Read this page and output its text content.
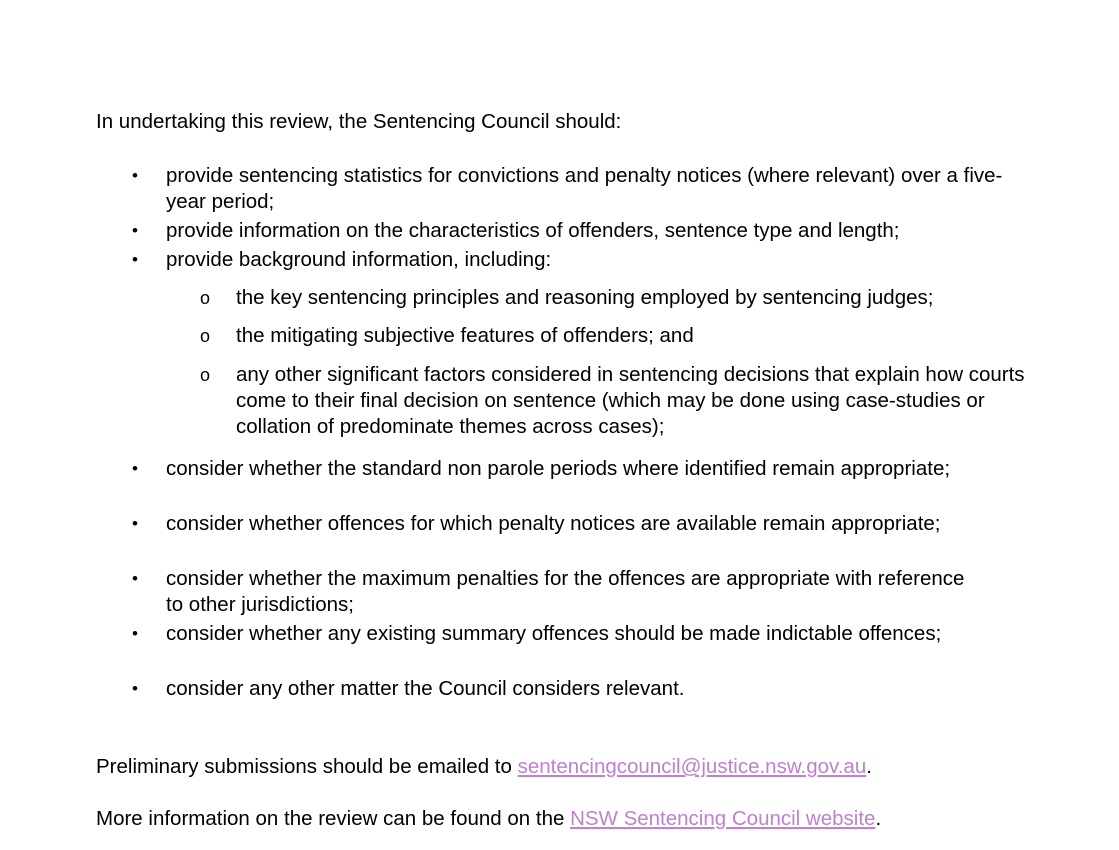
In undertaking this review, the Sentencing Council should:

• provide sentencing statistics for convictions and penalty notices (where relevant) over a five-year period;
• provide information on the characteristics of offenders, sentence type and length;
• provide background information, including:
o the key sentencing principles and reasoning employed by sentencing judges;
o the mitigating subjective features of offenders; and
o any other significant factors considered in sentencing decisions that explain how courts come to their final decision on sentence (which may be done using case-studies or collation of predominate themes across cases);
• consider whether the standard non parole periods where identified remain appropriate;
• consider whether offences for which penalty notices are available remain appropriate;
• consider whether the maximum penalties for the offences are appropriate with reference to other jurisdictions;
• consider whether any existing summary offences should be made indictable offences;
• consider any other matter the Council considers relevant.

Preliminary submissions should be emailed to sentencingcouncil@justice.nsw.gov.au.

More information on the review can be found on the NSW Sentencing Council website.
